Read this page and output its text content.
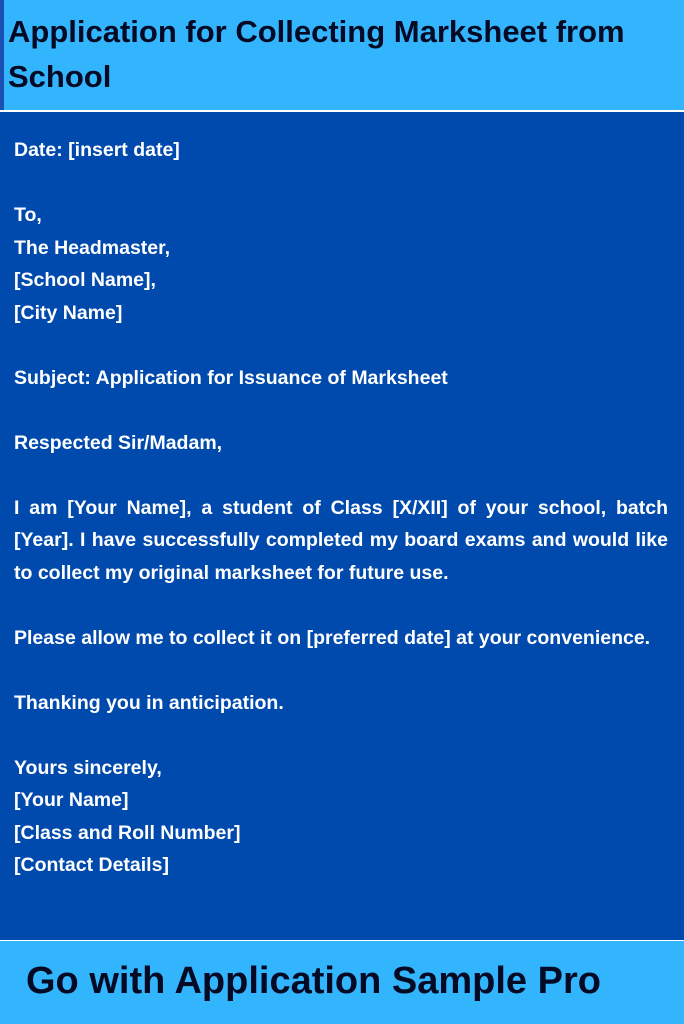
Application for Collecting Marksheet from School

Date: [insert date]

To,

The Headmaster,

[School Name],

[City Name]

Subject: Application for Issuance of Marksheet

Respected Sir/Madam,

I am [Your Name], a student of Class [X/XII] of your school, batch [Year]. I have successfully completed my board exams and would like to collect my original marksheet for future use.

Please allow me to collect it on [preferred date] at your convenience.

Thanking you in anticipation.

Yours sincerely,

[Your Name]

[Class and Roll Number]

[Contact Details]

Go with Application Sample Pro
